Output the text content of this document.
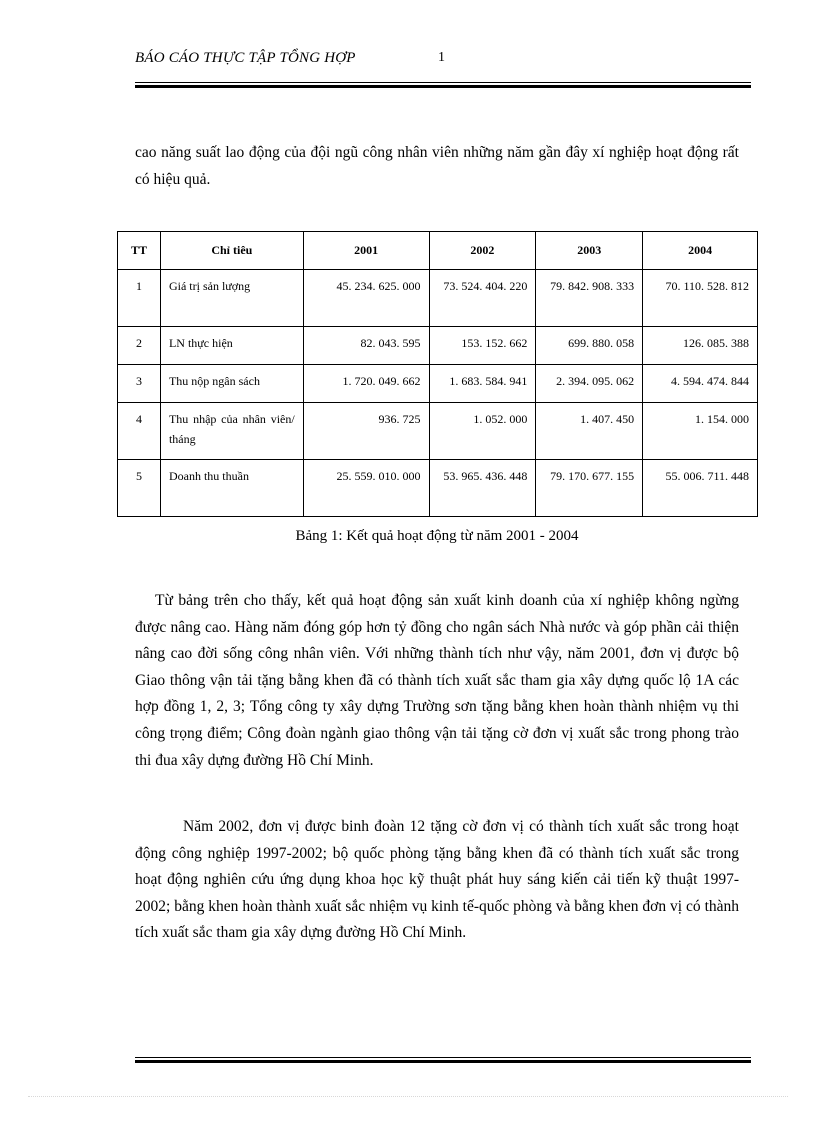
BÁO CÁO THỰC TẬP TỔNG HỢP	1

cao năng suất lao động của đội ngũ công nhân viên những năm gần đây xí nghiệp hoạt động rất có hiệu quả.

TT	Chỉ tiêu	2001	2002	2003	2004
1	Giá trị sản lượng	45. 234. 625. 000	73. 524. 404. 220	79. 842. 908. 333	70. 110. 528. 812
2	LN thực hiện	82. 043. 595	153. 152. 662	699. 880. 058	126. 085. 388
3	Thu nộp ngân sách	1. 720. 049. 662	1. 683. 584. 941	2. 394. 095. 062	4. 594. 474. 844
4	Thu nhập của nhân viên/ tháng	936. 725	1. 052. 000	1. 407. 450	1. 154. 000
5	Doanh thu thuần	25. 559. 010. 000	53. 965. 436. 448	79. 170. 677. 155	55. 006. 711. 448
Bảng 1: Kết quả hoạt động từ năm 2001 - 2004

Từ bảng trên cho thấy, kết quả hoạt động sản xuất kinh doanh của xí nghiệp không ngừng được nâng cao. Hàng năm đóng góp hơn tỷ đồng cho ngân sách Nhà nước và góp phần cải thiện nâng cao đời sống công nhân viên. Với những thành tích như vậy, năm 2001, đơn vị được bộ Giao thông vận tải tặng bằng khen đã có thành tích xuất sắc tham gia xây dựng quốc lộ 1A các hợp đồng 1, 2, 3; Tổng công ty xây dựng Trường sơn tặng bằng khen hoàn thành nhiệm vụ thi công trọng điểm; Công đoàn ngành giao thông vận tải tặng cờ đơn vị xuất sắc trong phong trào thi đua xây dựng đường Hồ Chí Minh.

Năm 2002, đơn vị được binh đoàn 12 tặng cờ đơn vị có thành tích xuất sắc trong hoạt động công nghiệp 1997-2002; bộ quốc phòng tặng bằng khen đã có thành tích xuất sắc trong hoạt động nghiên cứu ứng dụng khoa học kỹ thuật phát huy sáng kiến cải tiến kỹ thuật 1997-2002; bằng khen hoàn thành xuất sắc nhiệm vụ kinh tế-quốc phòng và bằng khen đơn vị có thành tích xuất sắc tham gia xây dựng đường Hồ Chí Minh.
